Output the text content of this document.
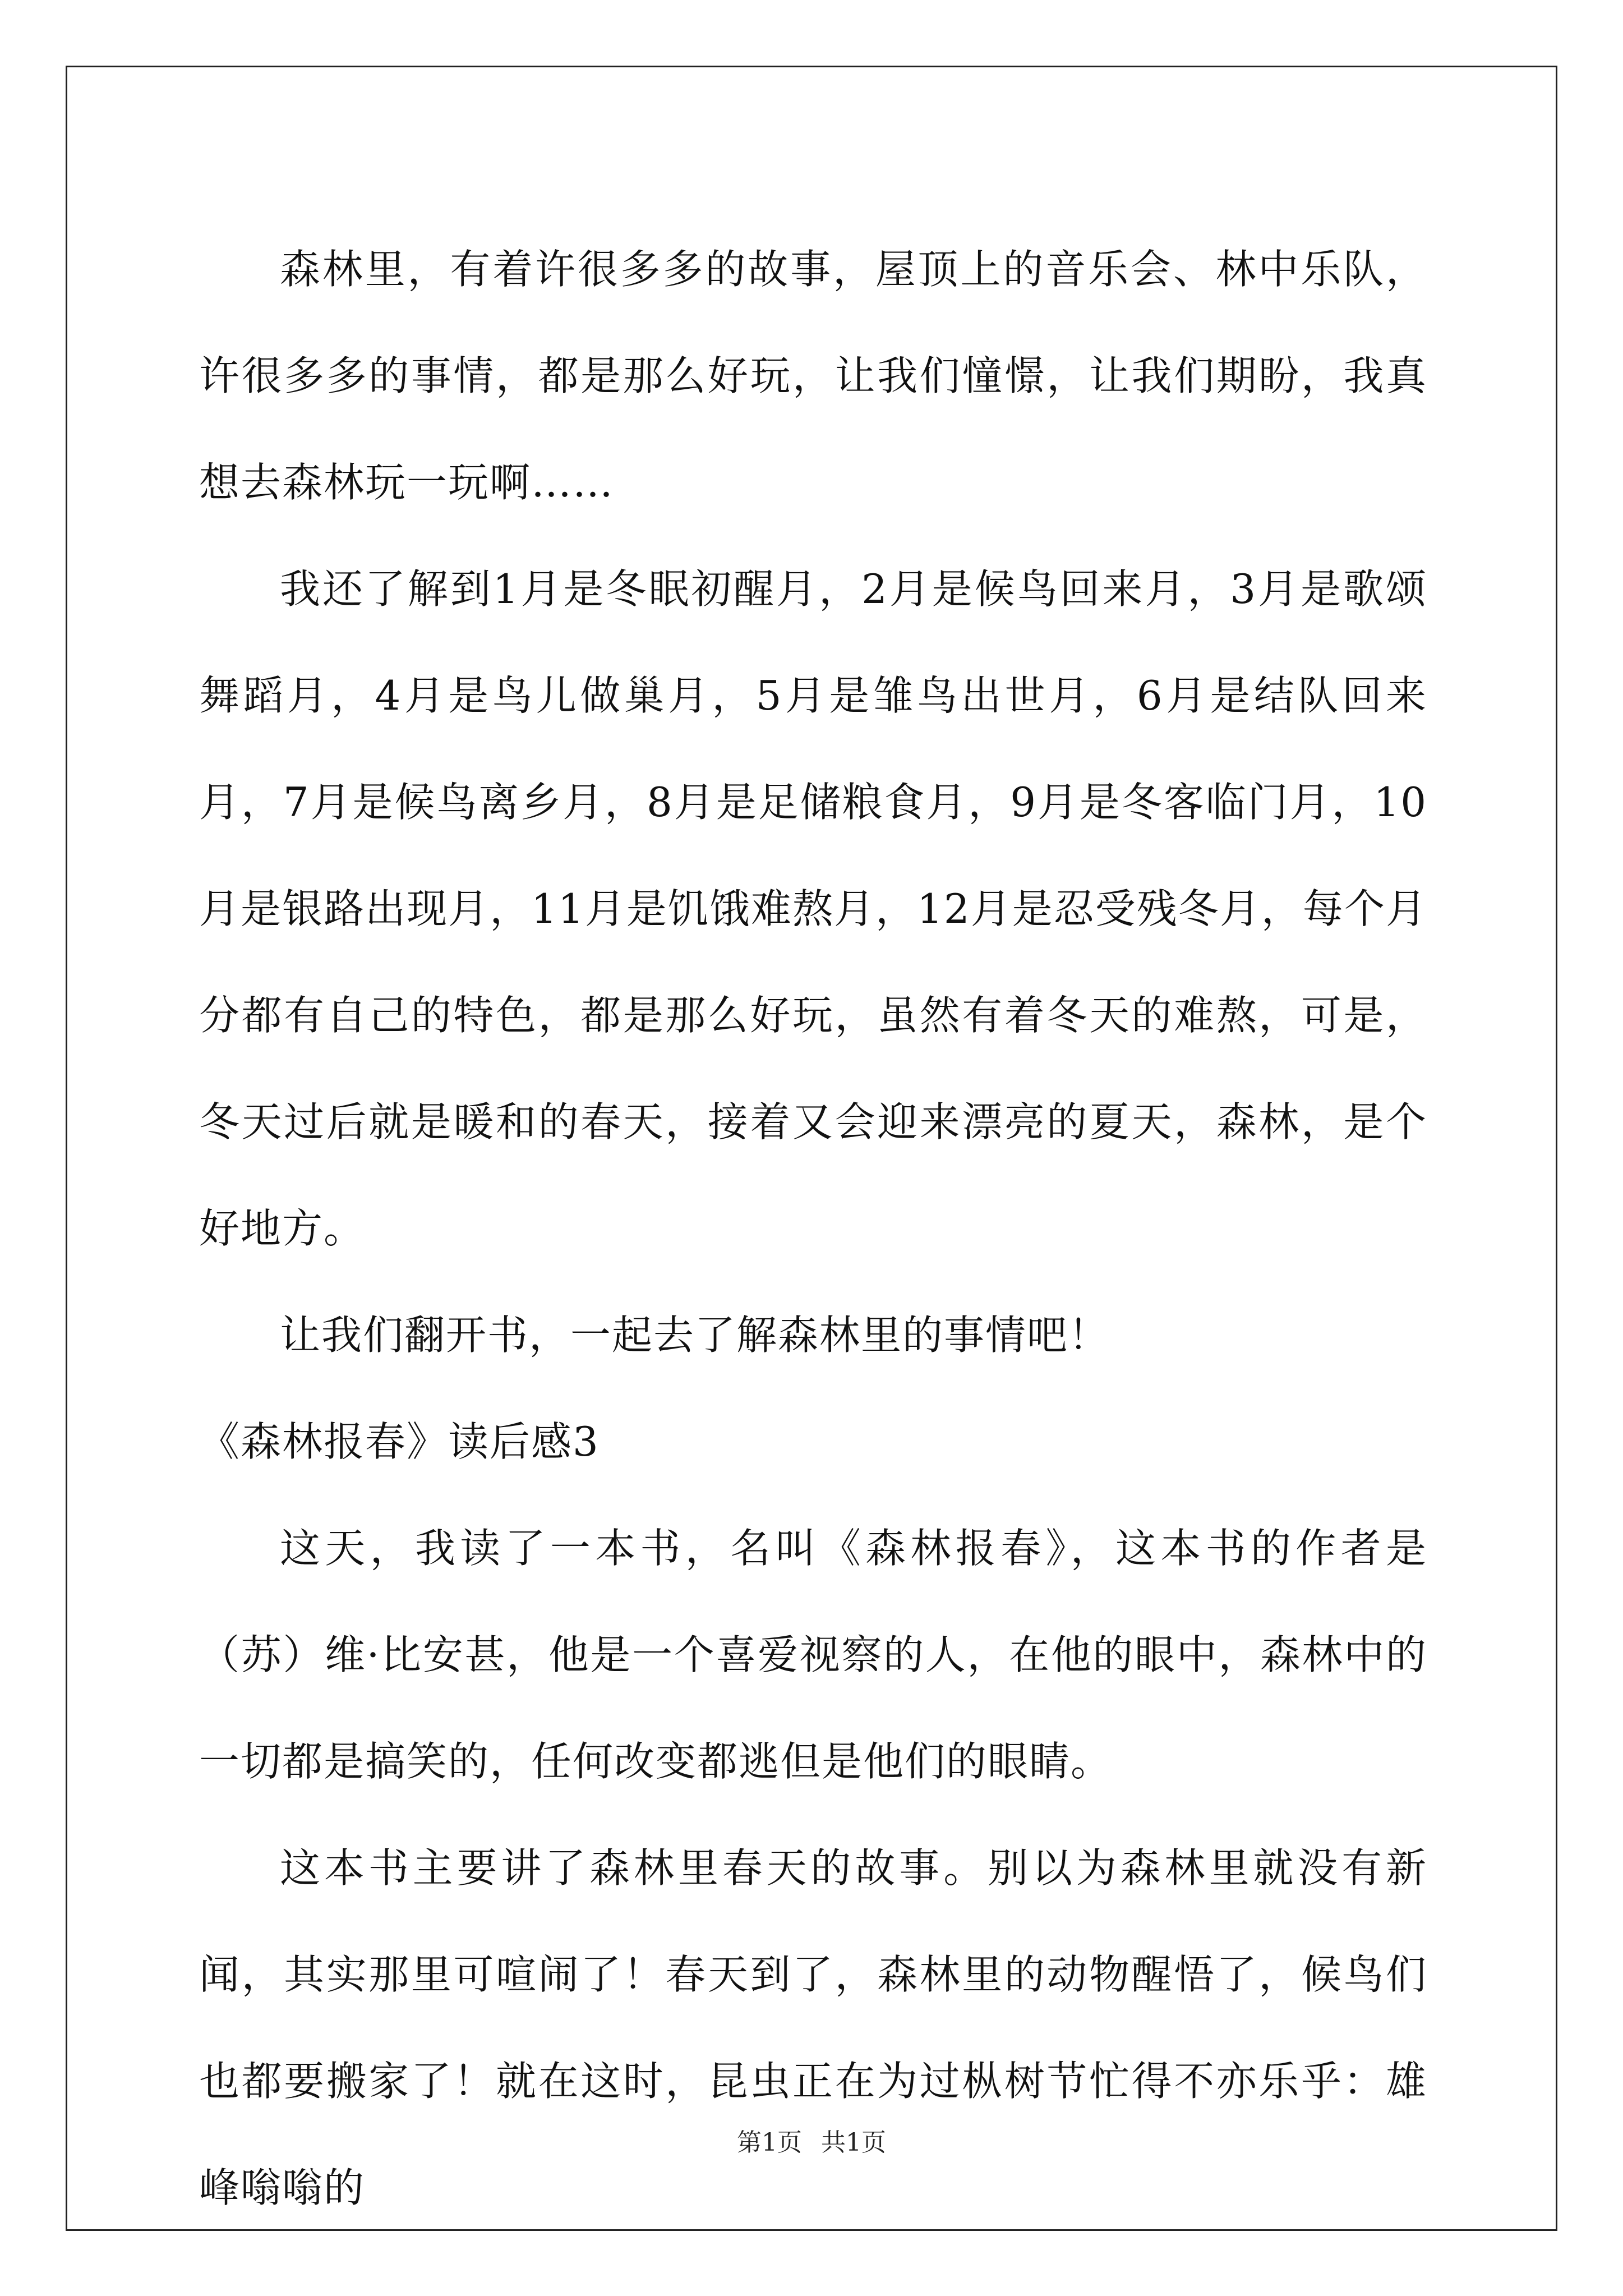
森林里，有着许很多多的故事，屋顶上的音乐会、林中乐队，许很多多的事情，都是那么好玩，让我们憧憬，让我们期盼，我真想去森林玩一玩啊……

我还了解到1月是冬眠初醒月，2月是候鸟回来月，3月是歌颂舞蹈月，4月是鸟儿做巢月，5月是雏鸟出世月，6月是结队回来月，7月是候鸟离乡月，8月是足储粮食月，9月是冬客临门月，10月是银路出现月，11月是饥饿难熬月，12月是忍受残冬月，每个月分都有自己的特色，都是那么好玩，虽然有着冬天的难熬，可是，冬天过后就是暖和的春天，接着又会迎来漂亮的夏天，森林，是个好地方。

让我们翻开书，一起去了解森林里的事情吧！

《森林报春》读后感3

这天，我读了一本书，名叫《森林报春》，这本书的作者是（苏）维·比安甚，他是一个喜爱视察的人，在他的眼中，森林中的一切都是搞笑的，任何改变都逃但是他们的眼睛。

这本书主要讲了森林里春天的故事。别以为森林里就没有新闻，其实那里可喧闹了！春天到了，森林里的动物醒悟了，候鸟们也都要搬家了！就在这时，昆虫正在为过枞树节忙得不亦乐乎：雄峰嗡嗡的

第1页 共1页
